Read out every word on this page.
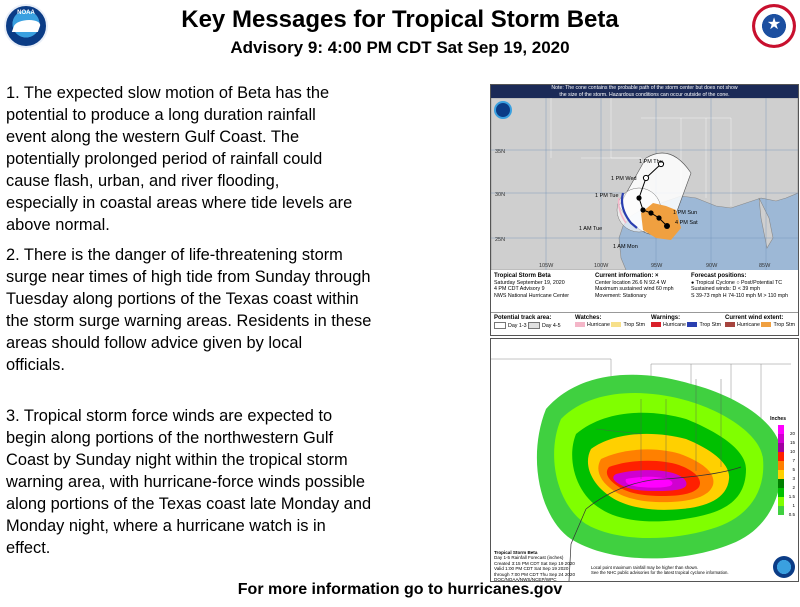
NOAA
★
Key Messages for Tropical Storm Beta
Advisory 9: 4:00 PM CDT Sat Sep 19, 2020

1. The expected slow motion of Beta has the
potential to produce a long duration rainfall
event along the western Gulf Coast. The
potentially prolonged period of rainfall could
cause flash, urban, and river flooding,
especially in coastal areas where tide levels are
above normal.

2. There is the danger of life-threatening storm
surge near times of high tide from Sunday through
Tuesday along portions of the Texas coast within
the storm surge warning areas. Residents in these
areas should follow advice given by local
officials.

3. Tropical storm force winds are expected to
begin along portions of the northwestern Gulf
Coast by Sunday night within the tropical storm
warning area, with hurricane-force winds possible
along portions of the Texas coast late Monday and
Monday night, where a hurricane watch is in
effect.

Note: The cone contains the probable path of the storm center but does not show
the size of the storm. Hazardous conditions can occur outside of the cone.
1 PM Thu
1 PM Wed
1 PM Tue
1 AM Tue
1 AM Mon
1 PM Sun
4 PM Sat
35N
30N
25N
105W	100W	95W	90W	85W
Tropical Storm Beta
Saturday September 19, 2020
4 PM CDT Advisory 9
NWS National Hurricane Center
Current information: ×
Center location 26.6 N 92.4 W
Maximum sustained wind 60 mph
Movement: Stationary
Forecast positions:
● Tropical Cyclone ○ Post/Potential TC
Sustained winds: D < 39 mph
S 39-73 mph H 74-110 mph M > 110 mph
Potential track area:
Day 1-3	Day 4-5
Watches:
Hurricane	Trop Stm
Warnings:
Hurricane	Trop Stm
Current wind extent:
Hurricane	Trop Stm
Inches
20
15
10
7
5
3
2
1.5
1
0.5
Tropical Storm Beta
Day 1-5 Rainfall Forecast (inches)
Created 3:15 PM CDT Sat Sep 19 2020
Valid 1:00 PM CDT Sat Sep 19 2020
through 7:00 PM CDT Thu Sep 24 2020
DOC/NOAA/NWS/NCEP/WPC
Local point maximum rainfall may be higher than shown.
See the NHC public advisories for the latest tropical cyclone information.
For more information go to hurricanes.gov
